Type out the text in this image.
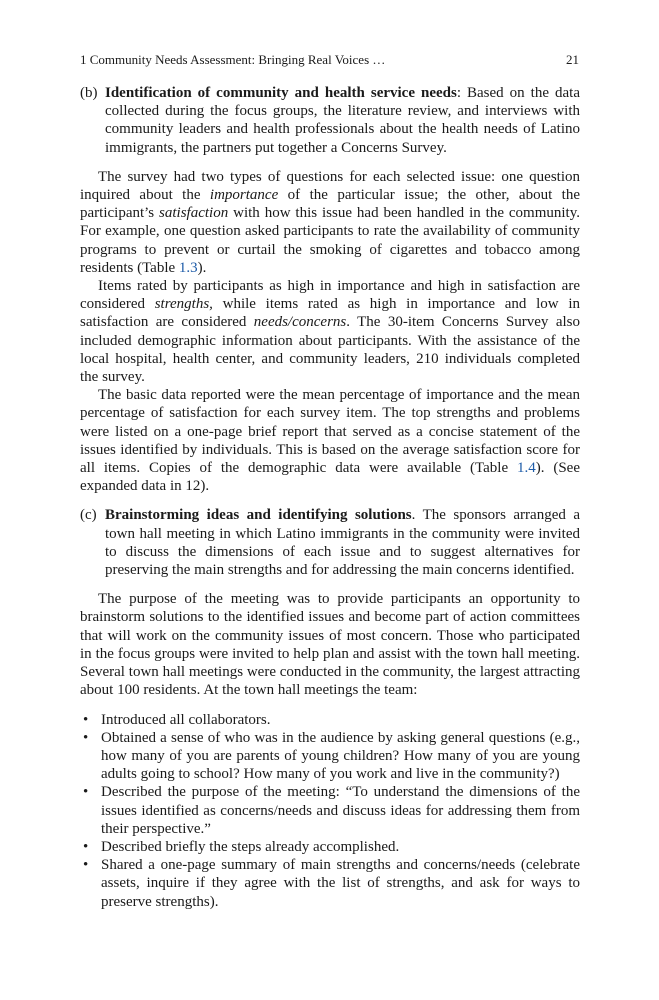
1 Community Needs Assessment: Bringing Real Voices …	21
(b) Identification of community and health service needs: Based on the data collected during the focus groups, the literature review, and interviews with community leaders and health professionals about the health needs of Latino immigrants, the partners put together a Concerns Survey.

The survey had two types of questions for each selected issue: one question inquired about the importance of the particular issue; the other, about the participant’s satisfaction with how this issue had been handled in the community. For example, one question asked participants to rate the availability of community programs to prevent or curtail the smoking of cigarettes and tobacco among residents (Table 1.3).

Items rated by participants as high in importance and high in satisfaction are considered strengths, while items rated as high in importance and low in satisfaction are considered needs/concerns. The 30-item Concerns Survey also included demographic information about participants. With the assistance of the local hospital, health center, and community leaders, 210 individuals completed the survey.

The basic data reported were the mean percentage of importance and the mean percentage of satisfaction for each survey item. The top strengths and problems were listed on a one-page brief report that served as a concise statement of the issues identified by individuals. This is based on the average satisfaction score for all items. Copies of the demographic data were available (Table 1.4). (See expanded data in 12).

(c) Brainstorming ideas and identifying solutions. The sponsors arranged a town hall meeting in which Latino immigrants in the community were invited to discuss the dimensions of each issue and to suggest alternatives for preserving the main strengths and for addressing the main concerns identified.

The purpose of the meeting was to provide participants an opportunity to brainstorm solutions to the identified issues and become part of action committees that will work on the community issues of most concern. Those who participated in the focus groups were invited to help plan and assist with the town hall meeting. Several town hall meetings were conducted in the community, the largest attracting about 100 residents. At the town hall meetings the team:

• Introduced all collaborators.
• Obtained a sense of who was in the audience by asking general questions (e.g., how many of you are parents of young children? How many of you are young adults going to school? How many of you work and live in the community?)
• Described the purpose of the meeting: “To understand the dimensions of the issues identified as concerns/needs and discuss ideas for addressing them from their perspective.”
• Described briefly the steps already accomplished.
• Shared a one-page summary of main strengths and concerns/needs (celebrate assets, inquire if they agree with the list of strengths, and ask for ways to preserve strengths).
